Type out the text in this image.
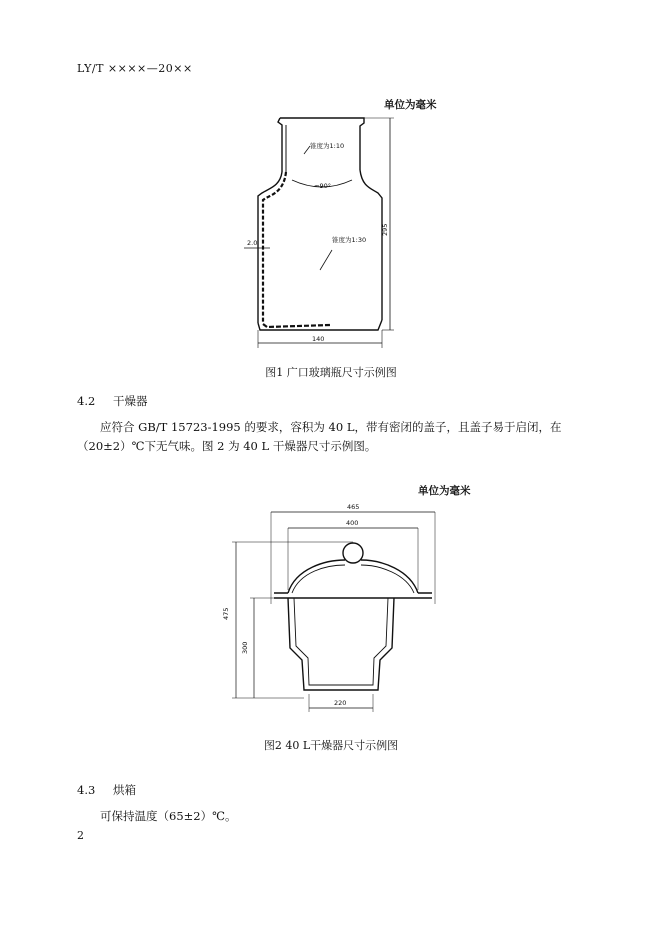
LY/T ××××—20××
单位为毫米
锥度为1:10
≈90°
锥度为1:30
2.0
295
140
图1 广口玻璃瓶尺寸示例图
4.2 干燥器
应符合 GB/T 15723-1995 的要求，容积为 40 L，带有密闭的盖子，且盖子易于启闭，在
（20±2）℃下无气味。图 2 为 40 L 干燥器尺寸示例图。
单位为毫米
465
400
475
300
220
图2 40 L干燥器尺寸示例图
4.3 烘箱
可保持温度（65±2）℃。
2
